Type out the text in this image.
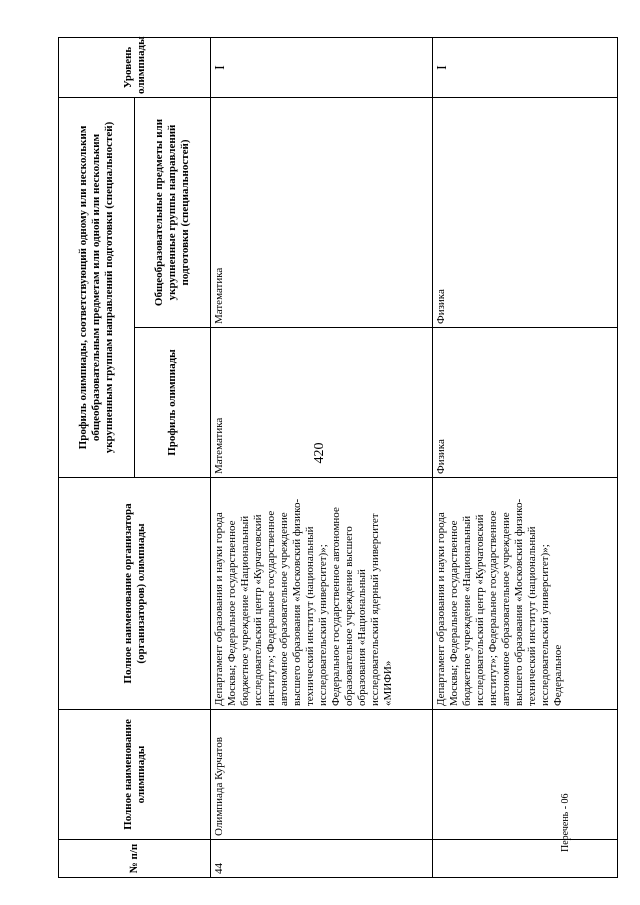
420
№ п/п	Полное наименование олимпиады	Полное наименование организатора (организаторов) олимпиады	Профиль олимпиады, соответствующий одному или нескольким общеобразовательным предметам или одной или нескольким укрупненным группам направлений подготовки (специальностей)		Уровень олимпиады
			Профиль олимпиады	Общеобразовательные предметы или укрупненные группы направлений подготовки (специальностей)	
44	Олимпиада Курчатов	Департамент образования и науки города Москвы; Федеральное государственное бюджетное учреждение «Национальный исследовательский центр «Курчатовский институт»; Федеральное государственное автономное образовательное учреждение высшего образования «Московский физико-технический институт (национальный исследовательский университет)»; Федеральное государственное автономное образовательное учреждение высшего образования «Национальный исследовательский ядерный университет «МИФИ»	Математика	Математика	I
		Департамент образования и науки города Москвы; Федеральное государственное бюджетное учреждение «Национальный исследовательский центр «Курчатовский институт»; Федеральное государственное автономное образовательное учреждение высшего образования «Московский физико-технический институт (национальный исследовательский университет)»; Федеральное	Физика	Физика	I
Перечень - 06
